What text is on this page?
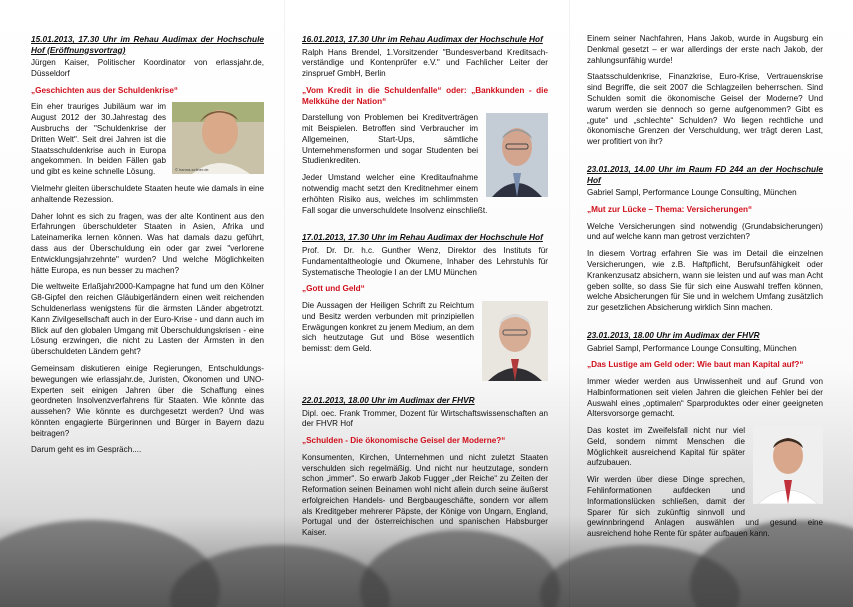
15.01.2013, 17.30 Uhr im Rehau Audimax der Hochschule Hof (Eröffnungsvortrag)
Jürgen Kaiser, Politischer Koordinator von erlassjahr.de, Düsseldorf
„Geschichten aus der Schuldenkrise“
© hanna-sellner.de

Ein eher trauriges Jubiläum war im August 2012 der 30.Jahrestag des Ausbruchs der "Schuldenkrise der Dritten Welt". Seit drei Jahren ist die Staatsschuldenkrise auch in Europa angekommen. In beiden Fällen gab und gibt es keine schnelle Lösung.

Vielmehr gleiten überschuldete Staaten heute wie damals in eine anhaltende Rezession.

Daher lohnt es sich zu fragen, was der alte Kontinent aus den Erfahrungen überschuldeter Staaten in Asien, Afrika und Lateinamerika lernen können. Was hat damals dazu geführt, dass aus der Überschuldung ein oder gar zwei "verlorene Entwicklungsjahrzehnte" wurden? Und welche Möglichkeiten hätte Europa, es nun besser zu machen?

Die weltweite Erlaßjahr2000-Kampagne hat fund um den Kölner G8-Gipfel den reichen Gläubigerländern einen weit reichenden Schuldenerlass wenigstens für die ärmsten Länder abgetrotzt. Kann Zivilgesellschaft auch in der Euro-Krise - und dann auch im Blick auf den globalen Umgang mit Überschuldungskrisen - eine Lösung erzwingen, die nicht zu Lasten der Ärmsten in den überschuldeten Ländern geht?

Gemeinsam diskutieren einige Regierungen, Entschuldungs-bewegungen wie erlassjahr.de, Juristen, Ökonomen und UNO-Experten seit einigen Jahren über die Schaffung eines geordneten Insolvenzverfahrens für Staaten. Wie könnte das aussehen? Wie könnte es durchgesetzt werden? Und was könnten engagierte Bürgerinnen und Bürger in Bayern dazu beitragen?

Darum geht es im Gespräch....

16.01.2013, 17.30 Uhr im Rehau Audimax der Hochschule Hof
Ralph Hans Brendel, 1.Vorsitzender "Bundesverband Kreditsach-verständige und Kontenprüfer e.V." und Fachlicher Leiter der zinspruef GmbH, Berlin
„Vom Kredit in die Schuldenfalle“ oder: „Bankkunden - die Melkkühe der Nation“

Darstellung von Problemen bei Kreditverträgen mit Beispielen. Betroffen sind Verbraucher im Allgemeinen, Start-Ups, sämtliche Unternehmensformen und sogar Studenten bei Studienkrediten.

Jeder Umstand welcher eine Kreditaufnahme notwendig macht setzt den Kreditnehmer einem erhöhten Risiko aus, welches im schlimmsten Fall sogar die unverschuldete Insolvenz einschließt.

17.01.2013, 17.30 Uhr im Rehau Audimax der Hochschule Hof
Prof. Dr. Dr. h.c. Gunther Wenz, Direktor des Instituts für Fundamentaltheologie und Ökumene, Inhaber des Lehrstuhls für Systematische Theologie I an der LMU München
„Gott und Geld“

Die Aussagen der Heiligen Schrift zu Reichtum und Besitz werden verbunden mit prinzipiellen Erwägungen konkret zu jenem Medium, an dem sich heutzutage Gut und Böse wesentlich bemisst: dem Geld.

22.01.2013, 18.00 Uhr im Audimax der FHVR
Dipl. oec. Frank Trommer, Dozent für Wirtschaftswissenschaften an der FHVR Hof
„Schulden - Die ökonomische Geisel der Moderne?“

Konsumenten, Kirchen, Unternehmen und nicht zuletzt Staaten verschulden sich regelmäßig. Und nicht nur heutzutage, sondern schon „immer“. So erwarb Jakob Fugger „der Reiche“ zu Zeiten der Reformation seinen Beinamen wohl nicht allein durch seine äußerst erfolgreichen Handels- und Bergbaugeschäfte, sondern vor allem als Kreditgeber mehrerer Päpste, der Könige von Ungarn, England, Portugal und der österreichischen und spanischen Habsburger Kaiser.

Einem seiner Nachfahren, Hans Jakob, wurde in Augsburg ein Denkmal gesetzt – er war allerdings der erste nach Jakob, der zahlungsunfähig wurde!

Staatsschuldenkrise, Finanzkrise, Euro-Krise, Vertrauenskrise sind Begriffe, die seit 2007 die Schlagzeilen beherrschen. Sind Schulden somit die ökonomische Geisel der Moderne? Und warum werden sie dennoch so gerne aufgenommen? Gibt es „gute“ und „schlechte“ Schulden? Wo liegen rechtliche und ökonomische Grenzen der Verschuldung, wer trägt deren Last, wer profitiert von ihr?

23.01.2013, 14.00 Uhr im Raum FD 244 an der Hochschule Hof
Gabriel Sampl, Performance Lounge Consulting, München
„Mut zur Lücke – Thema: Versicherungen“

Welche Versicherungen sind notwendig (Grundabsicherungen) und auf welche kann man getrost verzichten?

In diesem Vortrag erfahren Sie was im Detail die einzelnen Versicherungen, wie z.B. Haftpflicht, Berufsunfähigkeit oder Krankenzusatz absichern, wann sie leisten und auf was man Acht geben sollte, so dass Sie für sich eine Auswahl treffen können, welche Absicherungen für Sie und in welchem Umfang zusätzlich zur gesetzlichen Absicherung wirklich Sinn machen.

23.01.2013, 18.00 Uhr im Audimax der FHVR
Gabriel Sampl, Performance Lounge Consulting, München
„Das Lustige am Geld oder: Wie baut man Kapital auf?“

Immer wieder werden aus Unwissenheit und auf Grund von Halbinformationen seit vielen Jahren die gleichen Fehler bei der Auswahl eines „optimalen“ Sparproduktes oder einer geeigneten Altersvorsorge gemacht.

Das kostet im Zweifelsfall nicht nur viel Geld, sondern nimmt Menschen die Möglichkeit ausreichend Kapital für später aufzubauen.

Wir werden über diese Dinge sprechen, Fehlinformationen aufdecken und Informationslücken schließen, damit der Sparer für sich zukünftig sinnvoll und gewinnbringend Anlagen auswählen und gesund eine ausreichend hohe Rente für später aufbauen kann.
